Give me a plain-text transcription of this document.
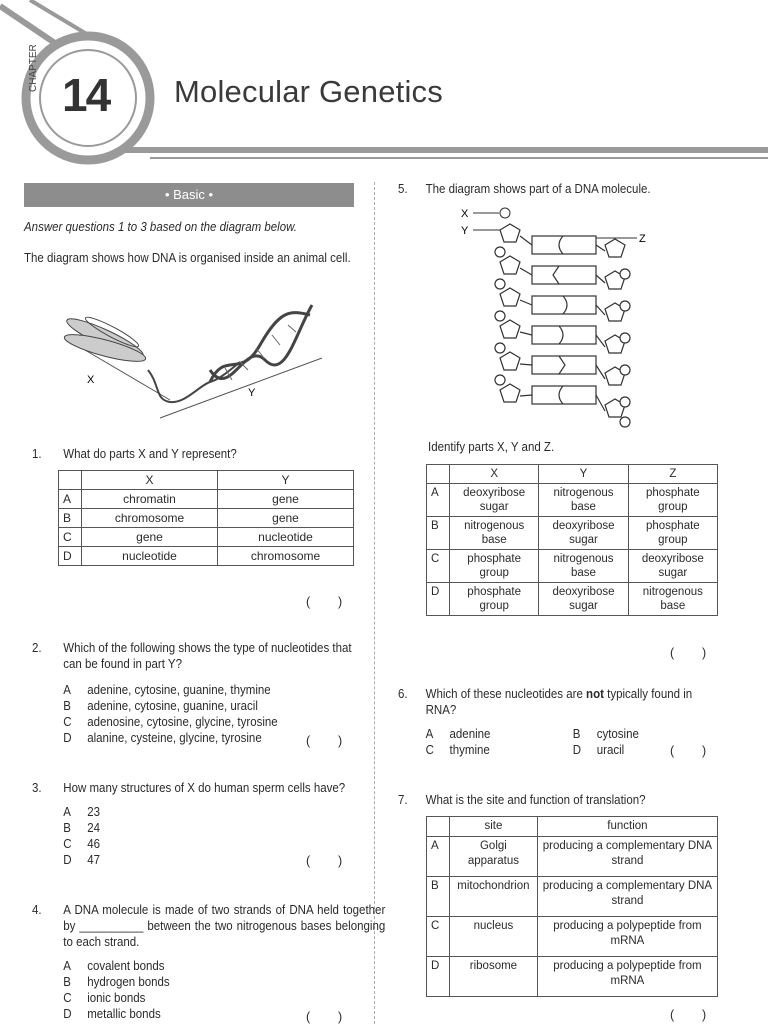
CHAPTER
14 Molecular Genetics
• Basic •
Answer questions 1 to 3 based on the diagram below.
The diagram shows how DNA is organised inside an animal cell.
X
Y
1. What do parts X and Y represent?
	X	Y
A	chromatin	gene
B	chromosome	gene
C	gene	nucleotide
D	nucleotide	chromosome
(        )
2. Which of the following shows the type of nucleotides that can be found in part Y?
A	adenine, cytosine, guanine, thymine
B	adenine, cytosine, guanine, uracil
C	adenosine, cytosine, glycine, tyrosine
D	alanine, cysteine, glycine, tyrosine	(        )
3. How many structures of X do human sperm cells have?
A	23
B	24
C	46
D	47	(        )
4. A DNA molecule is made of two strands of DNA held together by __________ between the two nitrogenous bases belonging to each strand.
A	covalent bonds
B	hydrogen bonds
C	ionic bonds
D	metallic bonds	(        )
5. The diagram shows part of a DNA molecule.
X
Y
Z
Identify parts X, Y and Z.
	X	Y	Z
A	deoxyribose sugar	nitrogenous base	phosphate group
B	nitrogenous base	deoxyribose sugar	phosphate group
C	phosphate group	nitrogenous base	deoxyribose sugar
D	phosphate group	deoxyribose sugar	nitrogenous base
(        )
6. Which of these nucleotides are not typically found in RNA?
A	adenine	B	cytosine
C	thymine	D	uracil	(        )
7. What is the site and function of translation?
	site	function
A	Golgi apparatus	producing a complementary DNA strand
B	mitochondrion	producing a complementary DNA strand
C	nucleus	producing a polypeptide from mRNA
D	ribosome	producing a polypeptide from mRNA
(        )
